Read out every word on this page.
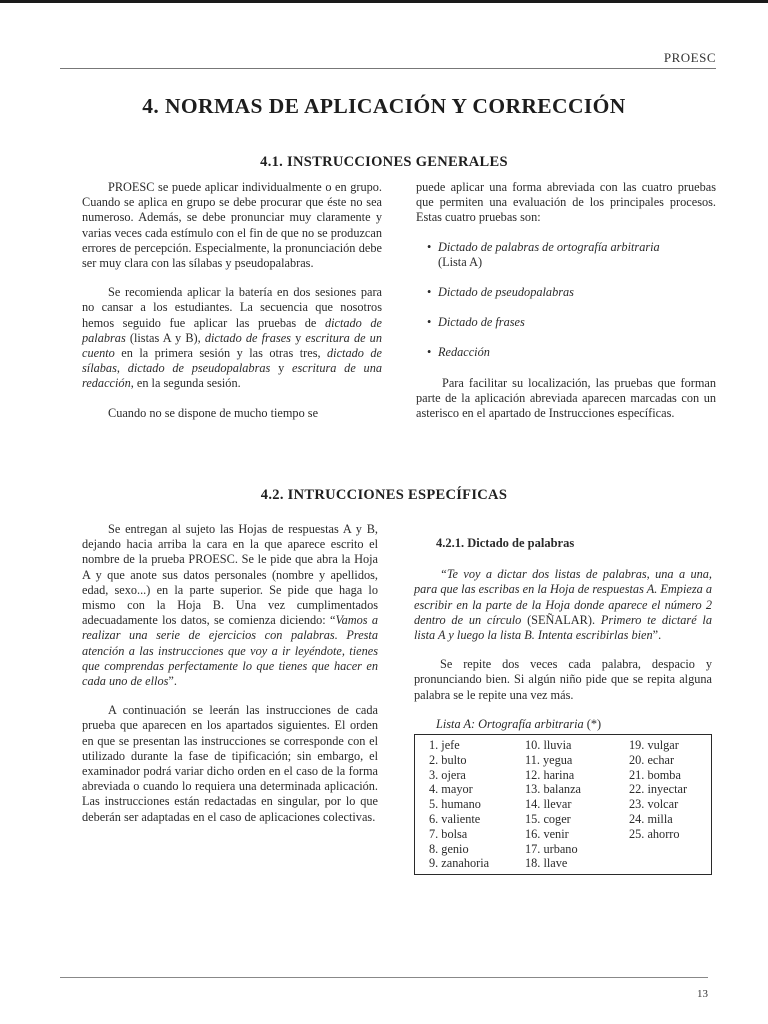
PROESC
4. NORMAS DE APLICACIÓN Y CORRECCIÓN
4.1. INSTRUCCIONES GENERALES

PROESC se puede aplicar individualmente o en grupo. Cuando se aplica en grupo se debe procurar que éste no sea numeroso. Además, se debe pronunciar muy claramente y varias veces cada estímulo con el fin de que no se produzcan errores de percepción. Especialmente, la pronunciación debe ser muy clara con las sílabas y pseudopalabras.

Se recomienda aplicar la batería en dos sesiones para no cansar a los estudiantes. La secuencia que nosotros hemos seguido fue aplicar las pruebas de dictado de palabras (listas A y B), dictado de frases y escritura de un cuento en la primera sesión y las otras tres, dictado de sílabas, dictado de pseudopalabras y escritura de una redacción, en la segunda sesión.

Cuando no se dispone de mucho tiempo se

puede aplicar una forma abreviada con las cuatro pruebas que permiten una evaluación de los principales procesos. Estas cuatro pruebas son:

• Dictado de palabras de ortografía arbitraria
(Lista A)
• Dictado de pseudopalabras
• Dictado de frases
• Redacción

Para facilitar su localización, las pruebas que forman parte de la aplicación abreviada aparecen marcadas con un asterisco en el apartado de Instrucciones específicas.

4.2. INTRUCCIONES ESPECÍFICAS

Se entregan al sujeto las Hojas de respuestas A y B, dejando hacia arriba la cara en la que aparece escrito el nombre de la prueba PROESC. Se le pide que abra la Hoja A y que anote sus datos personales (nombre y apellidos, edad, sexo...) en la parte superior. Se pide que haga lo mismo con la Hoja B. Una vez cumplimentados adecuadamente los datos, se comienza diciendo: “Vamos a realizar una serie de ejercicios con palabras. Presta atención a las instrucciones que voy a ir leyéndote, tienes que comprendas perfectamente lo que tienes que hacer en cada uno de ellos”.

A continuación se leerán las instrucciones de cada prueba que aparecen en los apartados siguientes. El orden en que se presentan las instrucciones se corresponde con el utilizado durante la fase de tipificación; sin embargo, el examinador podrá variar dicho orden en el caso de la forma abreviada o cuando lo requiera una determinada aplicación. Las instrucciones están redactadas en singular, por lo que deberán ser adaptadas en el caso de aplicaciones colectivas.

4.2.1. Dictado de palabras

“Te voy a dictar dos listas de palabras, una a una, para que las escribas en la Hoja de respuestas A. Empieza a escribir en la parte de la Hoja donde aparece el número 2 dentro de un círculo (SEÑALAR). Primero te dictaré la lista A y luego la lista B. Intenta escribirlas bien”.

Se repite dos veces cada palabra, despacio y pronunciando bien. Si algún niño pide que se repita alguna palabra se le repite una vez más.

Lista A: Ortografía arbitraria (*)
1. jefe
2. bulto
3. ojera
4. mayor
5. humano
6. valiente
7. bolsa
8. genio
9. zanahoria
10. lluvia
11. yegua
12. harina
13. balanza
14. llevar
15. coger
16. venir
17. urbano
18. llave
19. vulgar
20. echar
21. bomba
22. inyectar
23. volcar
24. milla
25. ahorro
13
